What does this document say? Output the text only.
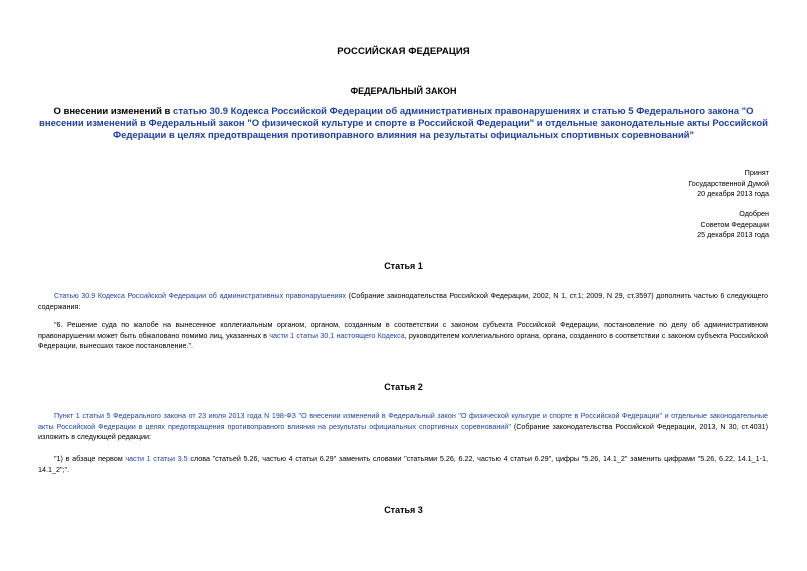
РОССИЙСКАЯ ФЕДЕРАЦИЯ
ФЕДЕРАЛЬНЫЙ ЗАКОН
О внесении изменений в статью 30.9 Кодекса Российской Федерации об административных правонарушениях и статью 5 Федерального закона "О внесении изменений в Федеральный закон "О физической культуре и спорте в Российской Федерации" и отдельные законодательные акты Российской Федерации в целях предотвращения противоправного влияния на результаты официальных спортивных соревнований"
Принят
Государственной Думой
20 декабря 2013 года
Одобрен
Советом Федерации
25 декабря 2013 года
Статья 1
Статью 30.9 Кодекса Российской Федерации об административных правонарушениях (Собрание законодательства Российской Федерации, 2002, N 1, ст.1; 2009, N 29, ст.3597) дополнить частью 6 следующего содержания:
"6. Решение суда по жалобе на вынесенное коллегиальным органом, органом, созданным в соответствии с законом субъекта Российской Федерации, постановление по делу об административном правонарушении может быть обжаловано помимо лиц, указанных в части 1 статьи 30.1 настоящего Кодекса, руководителем коллегиального органа, органа, созданного в соответствии с законом субъекта Российской Федерации, вынесших такое постановление.".
Статья 2
Пункт 1 статьи 5 Федерального закона от 23 июля 2013 года N 198-ФЗ "О внесении изменений в Федеральный закон "О физической культуре и спорте в Российской Федерации" и отдельные законодательные акты Российской Федерации в целях предотвращения противоправного влияния на результаты официальных спортивных соревнований" (Собрание законодательства Российской Федерации, 2013, N 30, ст.4031) изложить в следующей редакции:
"1) в абзаце первом части 1 статьи 3.5 слова "статьей 5.26, частью 4 статьи 6.29" заменить словами "статьями 5.26, 6.22, частью 4 статьи 6.29", цифры "5.26, 14.1_2" заменить цифрами "5.26, 6.22, 14.1_1-1, 14.1_2";".
Статья 3
